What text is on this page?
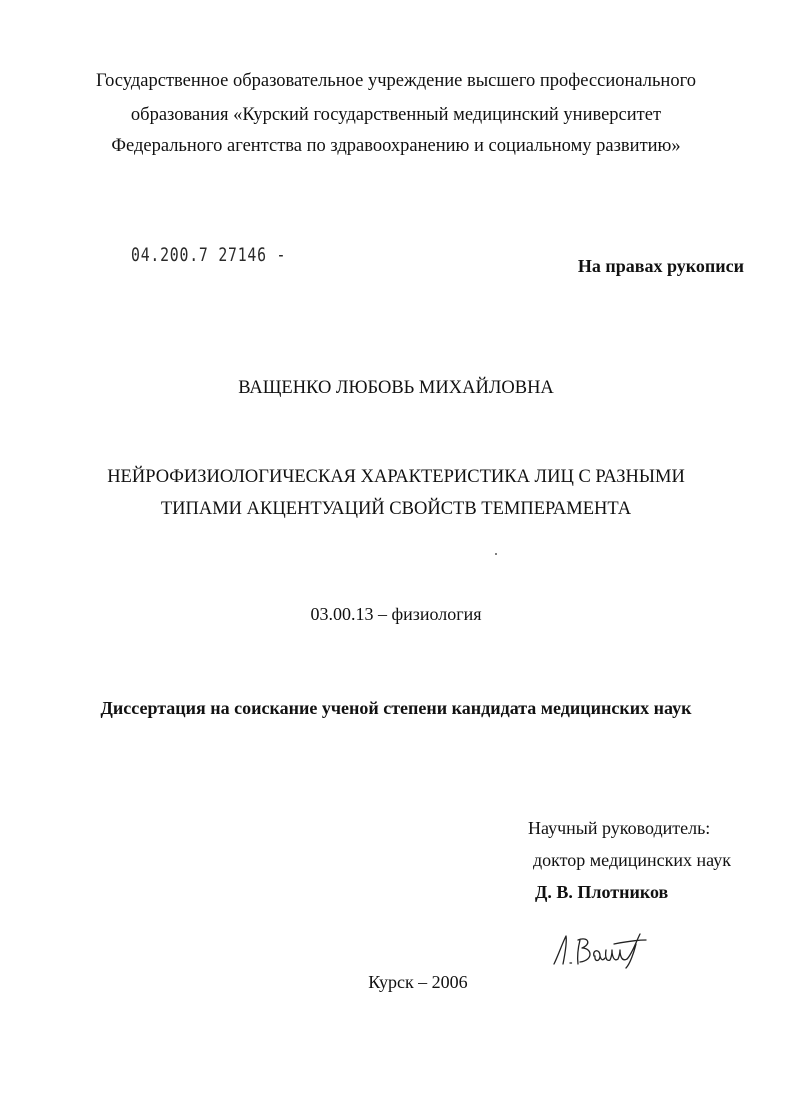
Государственное образовательное учреждение высшего профессионального
образования «Курский государственный медицинский университет
Федерального агентства по здравоохранению и социальному развитию»
04.200.7 27146 -	На правах рукописи
ВАЩЕНКО ЛЮБОВЬ МИХАЙЛОВНА
НЕЙРОФИЗИОЛОГИЧЕСКАЯ ХАРАКТЕРИСТИКА ЛИЦ С РАЗНЫМИ
ТИПАМИ АКЦЕНТУАЦИЙ СВОЙСТВ ТЕМПЕРАМЕНТА
03.00.13 – физиология
Диссертация на соискание ученой степени кандидата медицинских наук
Научный руководитель:
доктор медицинских наук
Д. В. Плотников
Курск – 2006
